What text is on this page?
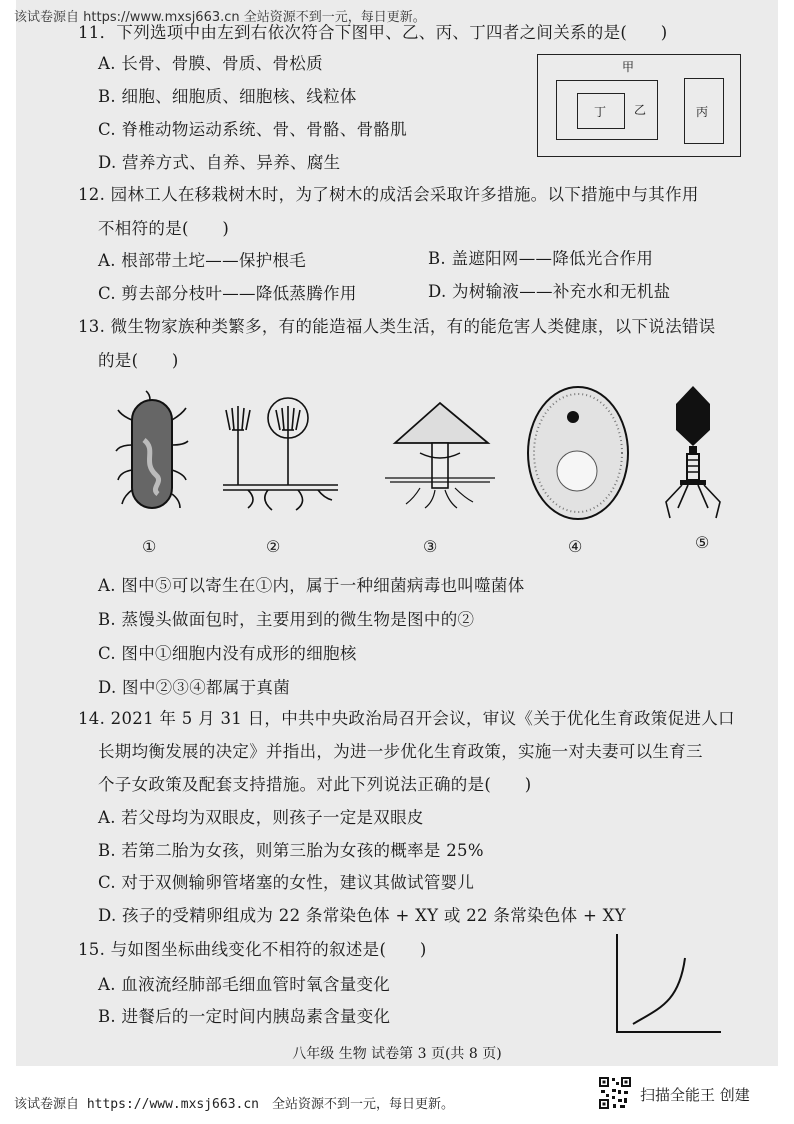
该试卷源自 https://www.mxsj663.cn 全站资源不到一元，每日更新。
11．下列选项中由左到右依次符合下图甲、乙、丙、丁四者之间关系的是(　　)
A. 长骨、骨膜、骨质、骨松质
B. 细胞、细胞质、细胞核、线粒体
C. 脊椎动物运动系统、骨、骨骼、骨骼肌
D. 营养方式、自养、异养、腐生
甲
乙
丁	丙
12. 园林工人在移栽树木时，为了树木的成活会采取许多措施。以下措施中与其作用
不相符的是(　　)
A. 根部带土坨——保护根毛	B. 盖遮阳网——降低光合作用
C. 剪去部分枝叶——降低蒸腾作用	D. 为树输液——补充水和无机盐
13. 微生物家族种类繁多，有的能造福人类生活，有的能危害人类健康，以下说法错误
的是(　　)
①	②	③	④	⑤
A. 图中⑤可以寄生在①内，属于一种细菌病毒也叫噬菌体
B. 蒸馒头做面包时，主要用到的微生物是图中的②
C. 图中①细胞内没有成形的细胞核
D. 图中②③④都属于真菌
14. 2021 年 5 月 31 日，中共中央政治局召开会议，审议《关于优化生育政策促进人口
长期均衡发展的决定》并指出，为进一步优化生育政策，实施一对夫妻可以生育三
个子女政策及配套支持措施。对此下列说法正确的是(　　)
A. 若父母均为双眼皮，则孩子一定是双眼皮
B. 若第二胎为女孩，则第三胎为女孩的概率是 25%
C. 对于双侧输卵管堵塞的女性，建议其做试管婴儿
D. 孩子的受精卵组成为 22 条常染色体 + XY 或 22 条常染色体 + XY
15. 与如图坐标曲线变化不相符的叙述是(　　)
A. 血液流经肺部毛细血管时氧含量变化
B. 进餐后的一定时间内胰岛素含量变化
八年级 生物 试卷第 3 页(共 8 页)
该试卷源自 https://www.mxsj663.cn　全站资源不到一元，每日更新。
扫描全能王 创建
